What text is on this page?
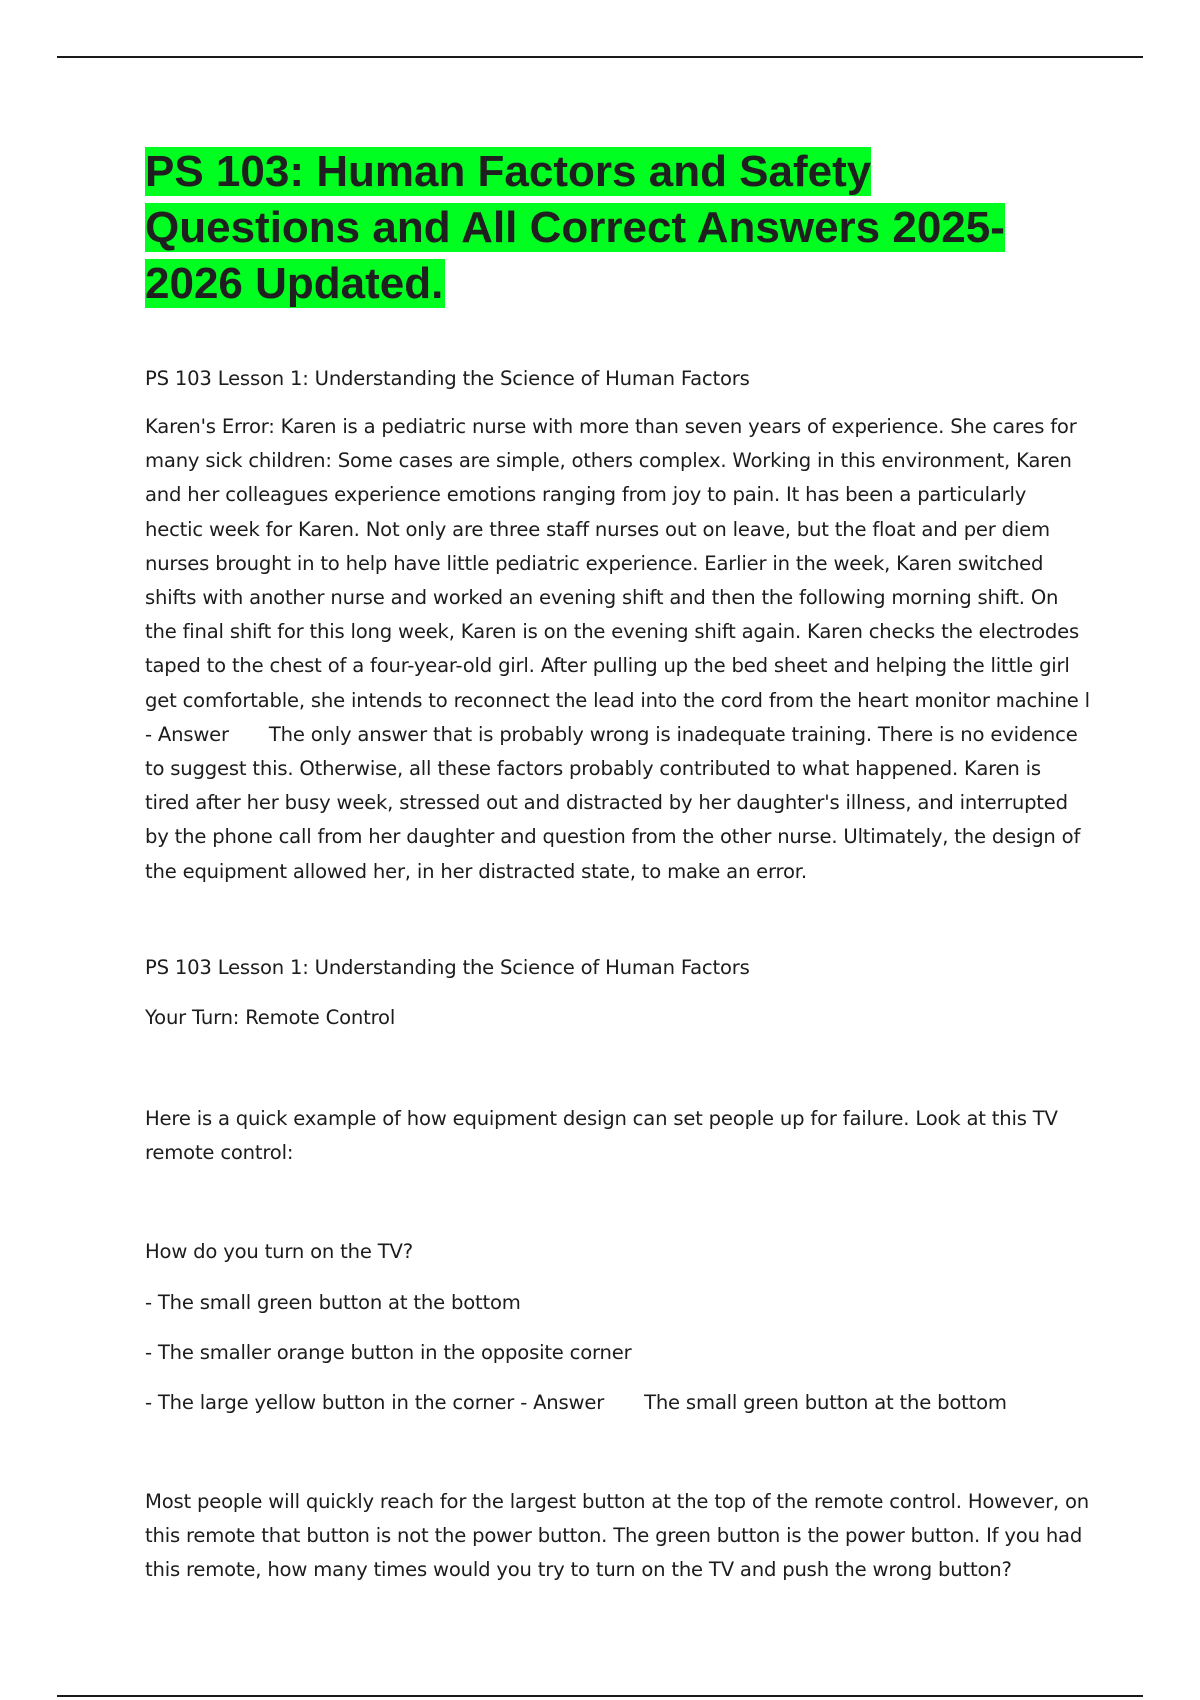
PS 103: Human Factors and Safety Questions and All Correct Answers 2025-2026 Updated.

PS 103 Lesson 1: Understanding the Science of Human Factors

Karen's Error: Karen is a pediatric nurse with more than seven years of experience. She cares for many sick children: Some cases are simple, others complex. Working in this environment, Karen and her colleagues experience emotions ranging from joy to pain. It has been a particularly hectic week for Karen. Not only are three staff nurses out on leave, but the float and per diem nurses brought in to help have little pediatric experience. Earlier in the week, Karen switched shifts with another nurse and worked an evening shift and then the following morning shift. On the final shift for this long week, Karen is on the evening shift again. Karen checks the electrodes taped to the chest of a four-year-old girl. After pulling up the bed sheet and helping the little girl get comfortable, she intends to reconnect the lead into the cord from the heart monitor machine l - Answer The only answer that is probably wrong is inadequate training. There is no evidence to suggest this. Otherwise, all these factors probably contributed to what happened. Karen is tired after her busy week, stressed out and distracted by her daughter's illness, and interrupted by the phone call from her daughter and question from the other nurse. Ultimately, the design of the equipment allowed her, in her distracted state, to make an error.

PS 103 Lesson 1: Understanding the Science of Human Factors

Your Turn: Remote Control

Here is a quick example of how equipment design can set people up for failure. Look at this TV remote control:

How do you turn on the TV?

- The small green button at the bottom

- The smaller orange button in the opposite corner

- The large yellow button in the corner - Answer The small green button at the bottom

Most people will quickly reach for the largest button at the top of the remote control. However, on this remote that button is not the power button. The green button is the power button. If you had this remote, how many times would you try to turn on the TV and push the wrong button?
